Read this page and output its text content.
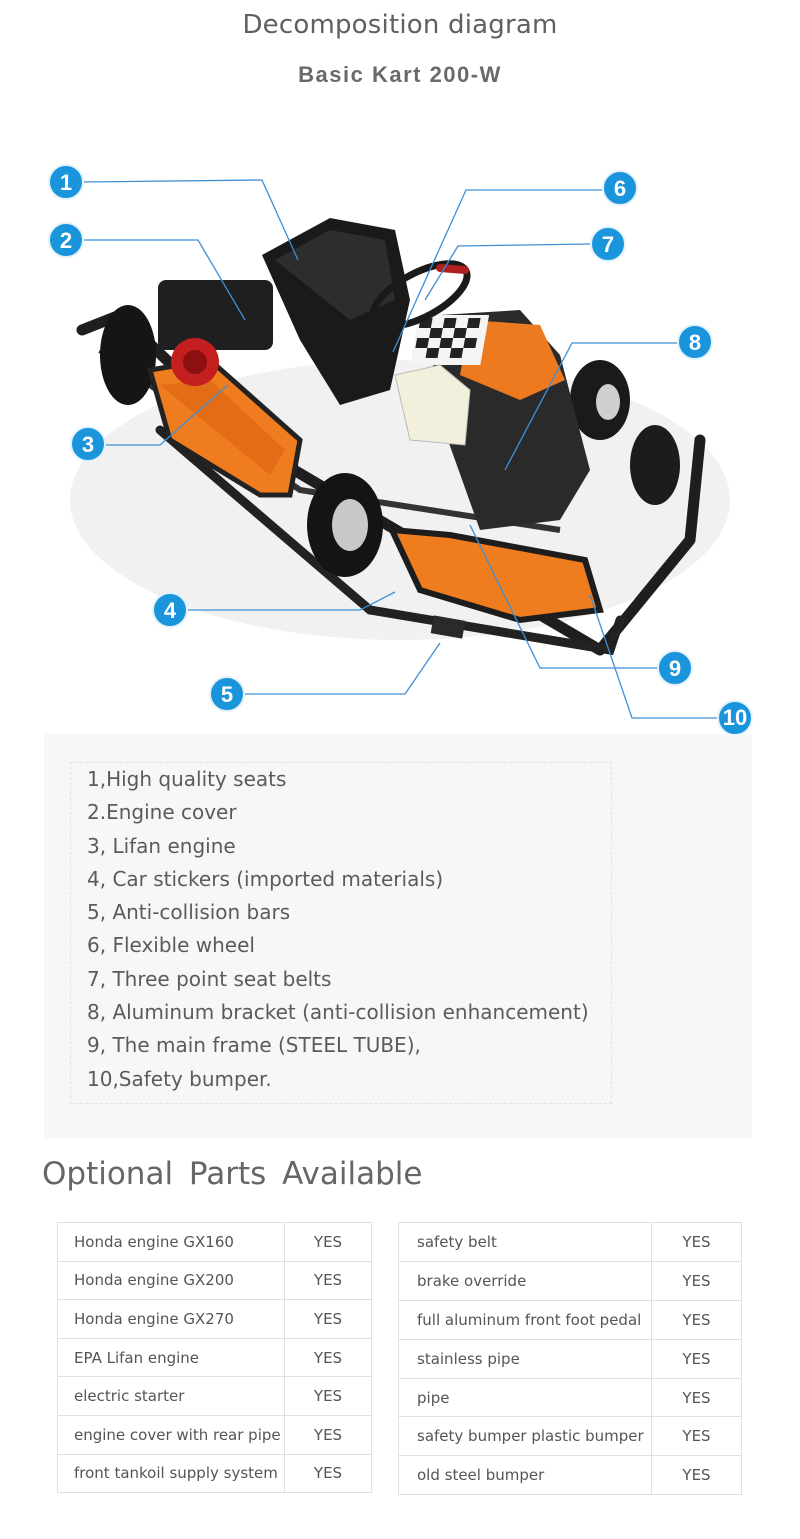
Decomposition diagram
Basic Kart 200-W
1
2
3
4
5
6
7
8
9
10
1,High quality seats
2.Engine cover
3, Lifan engine
4, Car stickers (imported materials)
5, Anti-collision bars
6, Flexible wheel
7, Three point seat belts
8, Aluminum bracket (anti-collision enhancement)
9, The main frame (STEEL TUBE),
10,Safety bumper.
Optional Parts Available
Honda engine GX160	YES
Honda engine GX200	YES
Honda engine GX270	YES
EPA Lifan engine	YES
electric starter	YES
engine cover with rear pipe	YES
front tankoil supply system	YES
safety belt	YES
brake override	YES
full aluminum front foot pedal	YES
stainless pipe	YES
pipe	YES
safety bumper plastic bumper	YES
old steel bumper	YES
